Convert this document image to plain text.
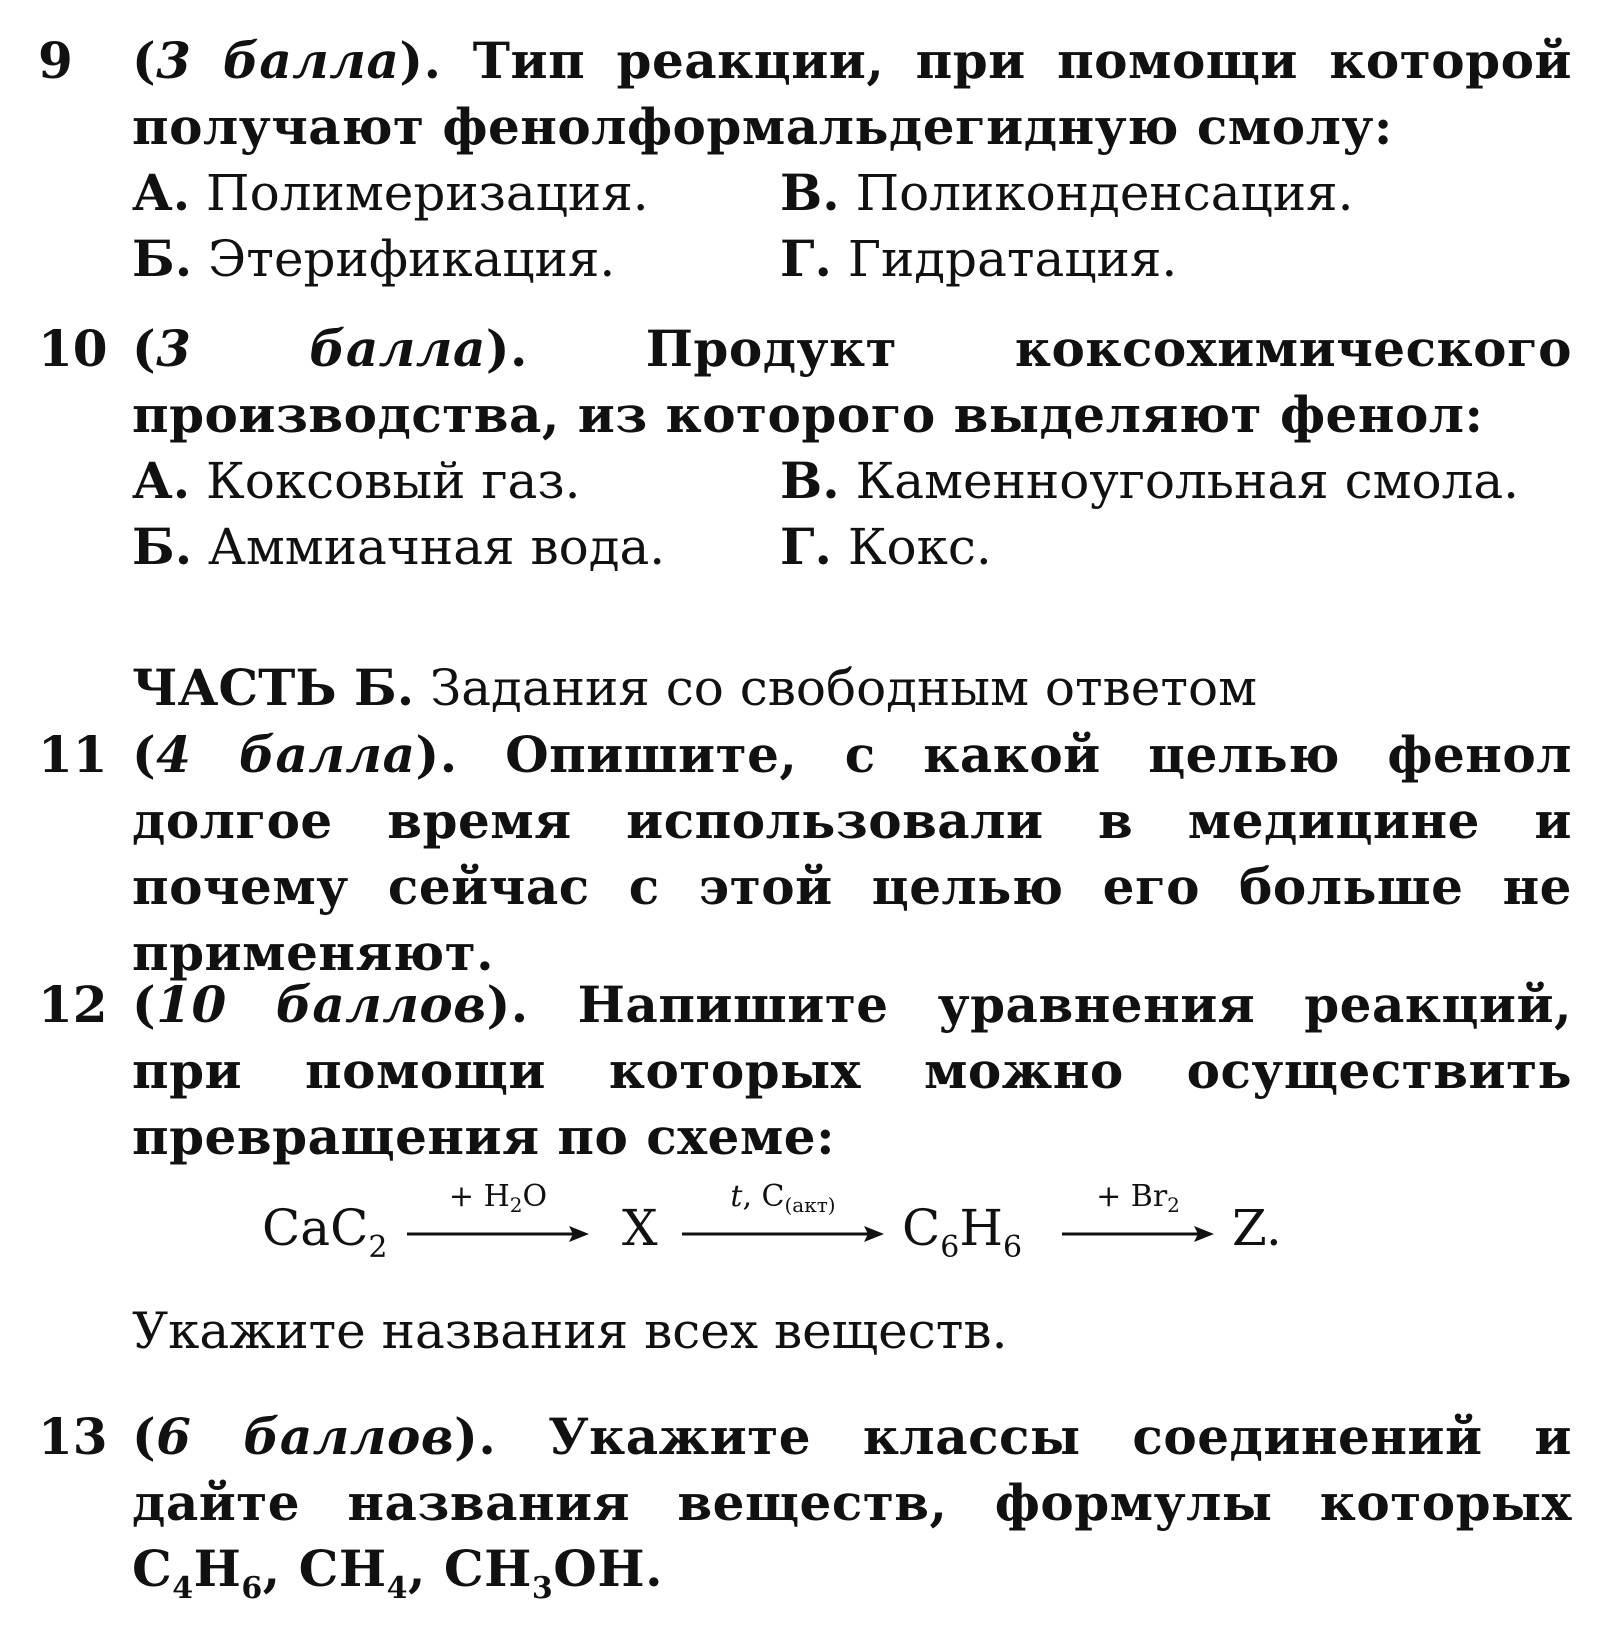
9 (3 балла). Тип реакции, при помощи которой получают фенолформальдегидную смолу:
А. Полимеризация.	В. Поликонденсация.
Б. Этерификация.	Г. Гидратация.
10 (3 балла). Продукт коксохимического производства, из которого выделяют фенол:
А. Коксовый газ.	В. Каменноугольная смола.
Б. Аммиачная вода. Г. Кокс.
ЧАСТЬ Б. Задания со свободным ответом
11 (4 балла). Опишите, с какой целью фенол долгое время использовали в медицине и почему сейчас с этой целью его больше не применяют.
12 (10 баллов). Напишите уравнения реакций, при помощи которых можно осуществить превращения по схеме:
CaC$_2$
+ $H_2O$
X
t, $C_{(акт)}$	$C_6H_6$
+ $Br_2$	Z.
Укажите названия всех веществ.
13 (6 баллов). Укажите классы соединений и дайте названия веществ, формулы которых $C_4H_6$, $CH_4$, $CH_3OH$.
